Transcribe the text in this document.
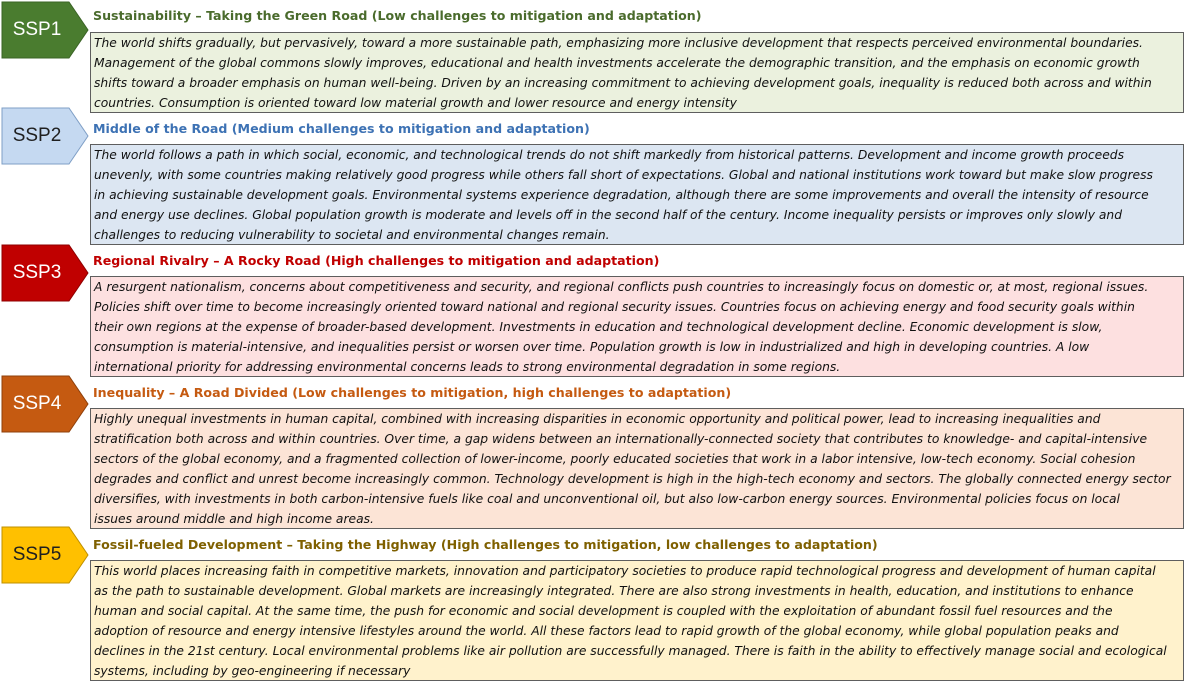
SSP1
Sustainability – Taking the Green Road (Low challenges to mitigation and adaptation)
The world shifts gradually, but pervasively, toward a more sustainable path, emphasizing more inclusive development that respects perceived environmental boundaries.
Management of the global commons slowly improves, educational and health investments accelerate the demographic transition, and the emphasis on economic growth
shifts toward a broader emphasis on human well-being. Driven by an increasing commitment to achieving development goals, inequality is reduced both across and within
countries. Consumption is oriented toward low material growth and lower resource and energy intensity
SSP2	Middle of the Road (Medium challenges to mitigation and adaptation)
The world follows a path in which social, economic, and technological trends do not shift markedly from historical patterns. Development and income growth proceeds
unevenly, with some countries making relatively good progress while others fall short of expectations. Global and national institutions work toward but make slow progress
in achieving sustainable development goals. Environmental systems experience degradation, although there are some improvements and overall the intensity of resource
and energy use declines. Global population growth is moderate and levels off in the second half of the century. Income inequality persists or improves only slowly and
challenges to reducing vulnerability to societal and environmental changes remain.
SSP3
Regional Rivalry – A Rocky Road (High challenges to mitigation and adaptation)
A resurgent nationalism, concerns about competitiveness and security, and regional conflicts push countries to increasingly focus on domestic or, at most, regional issues.
Policies shift over time to become increasingly oriented toward national and regional security issues. Countries focus on achieving energy and food security goals within
their own regions at the expense of broader-based development. Investments in education and technological development decline. Economic development is slow,
consumption is material-intensive, and inequalities persist or worsen over time. Population growth is low in industrialized and high in developing countries. A low
international priority for addressing environmental concerns leads to strong environmental degradation in some regions.
SSP4
Inequality – A Road Divided (Low challenges to mitigation, high challenges to adaptation)
Highly unequal investments in human capital, combined with increasing disparities in economic opportunity and political power, lead to increasing inequalities and
stratification both across and within countries. Over time, a gap widens between an internationally-connected society that contributes to knowledge- and capital-intensive
sectors of the global economy, and a fragmented collection of lower-income, poorly educated societies that work in a labor intensive, low-tech economy. Social cohesion
degrades and conflict and unrest become increasingly common. Technology development is high in the high-tech economy and sectors. The globally connected energy sector
diversifies, with investments in both carbon-intensive fuels like coal and unconventional oil, but also low-carbon energy sources. Environmental policies focus on local
issues around middle and high income areas.
SSP5	Fossil-fueled Development – Taking the Highway (High challenges to mitigation, low challenges to adaptation)
This world places increasing faith in competitive markets, innovation and participatory societies to produce rapid technological progress and development of human capital
as the path to sustainable development. Global markets are increasingly integrated. There are also strong investments in health, education, and institutions to enhance
human and social capital. At the same time, the push for economic and social development is coupled with the exploitation of abundant fossil fuel resources and the
adoption of resource and energy intensive lifestyles around the world. All these factors lead to rapid growth of the global economy, while global population peaks and
declines in the 21st century. Local environmental problems like air pollution are successfully managed. There is faith in the ability to effectively manage social and ecological
systems, including by geo-engineering if necessary
